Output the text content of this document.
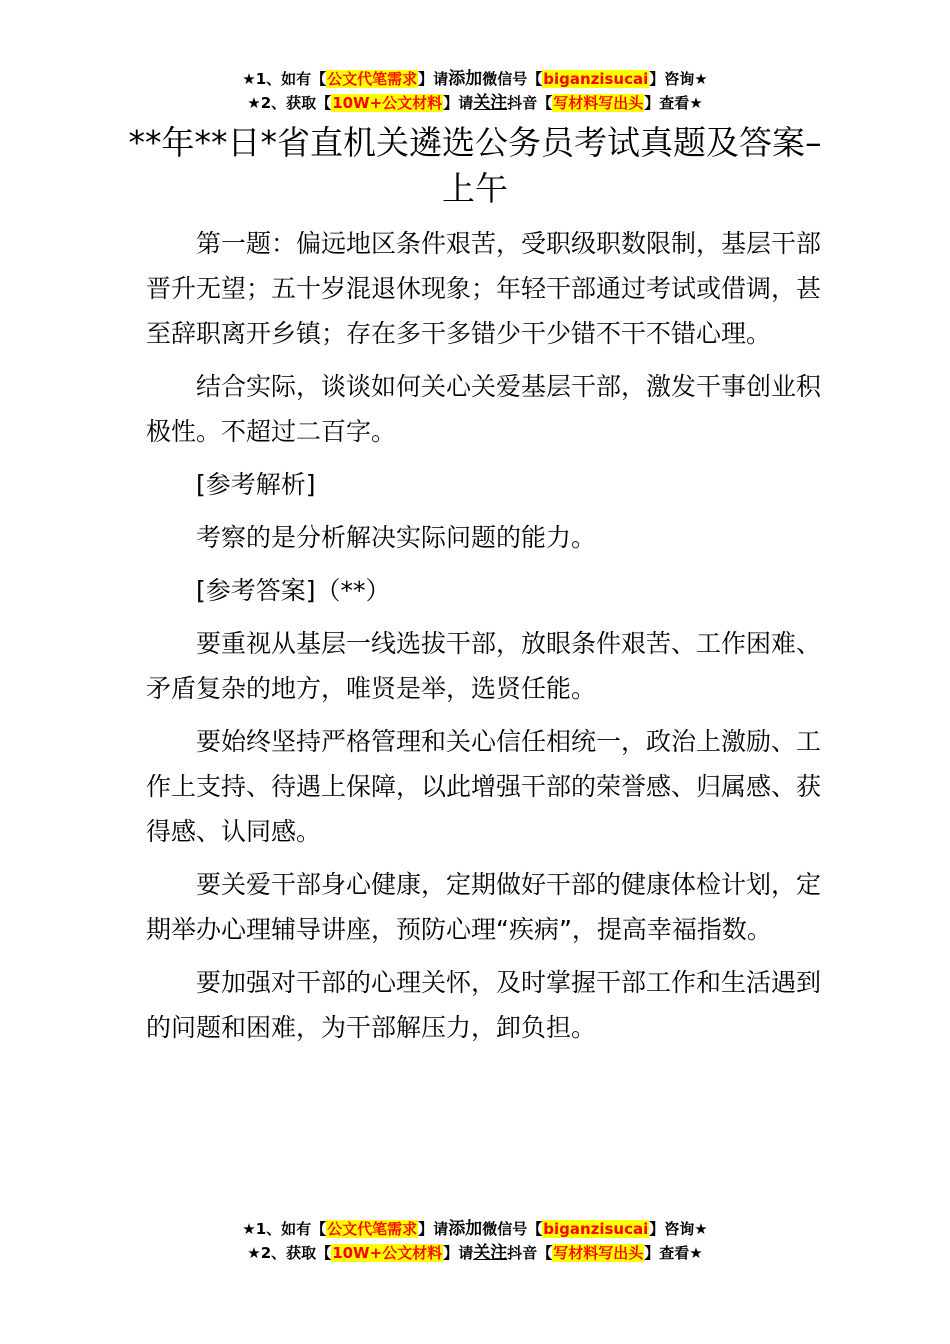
★1、如有【公文代笔需求】请添加微信号【biganzisucai】咨询★
★2、获取【10W+公文材料】请关注抖音【写材料写出头】查看★
**年**日*省直机关遴选公务员考试真题及答案–上午

第一题：偏远地区条件艰苦，受职级职数限制，基层干部晋升无望；五十岁混退休现象；年轻干部通过考试或借调，甚至辞职离开乡镇；存在多干多错少干少错不干不错心理。

结合实际，谈谈如何关心关爱基层干部，激发干事创业积极性。不超过二百字。

[参考解析]

考察的是分析解决实际问题的能力。

[参考答案]（**）

要重视从基层一线选拔干部，放眼条件艰苦、工作困难、矛盾复杂的地方，唯贤是举，选贤任能。

要始终坚持严格管理和关心信任相统一，政治上激励、工作上支持、待遇上保障，以此增强干部的荣誉感、归属感、获得感、认同感。

要关爱干部身心健康，定期做好干部的健康体检计划，定期举办心理辅导讲座，预防心理“疾病”，提高幸福指数。

要加强对干部的心理关怀，及时掌握干部工作和生活遇到的问题和困难，为干部解压力，卸负担。

★1、如有【公文代笔需求】请添加微信号【biganzisucai】咨询★
★2、获取【10W+公文材料】请关注抖音【写材料写出头】查看★
